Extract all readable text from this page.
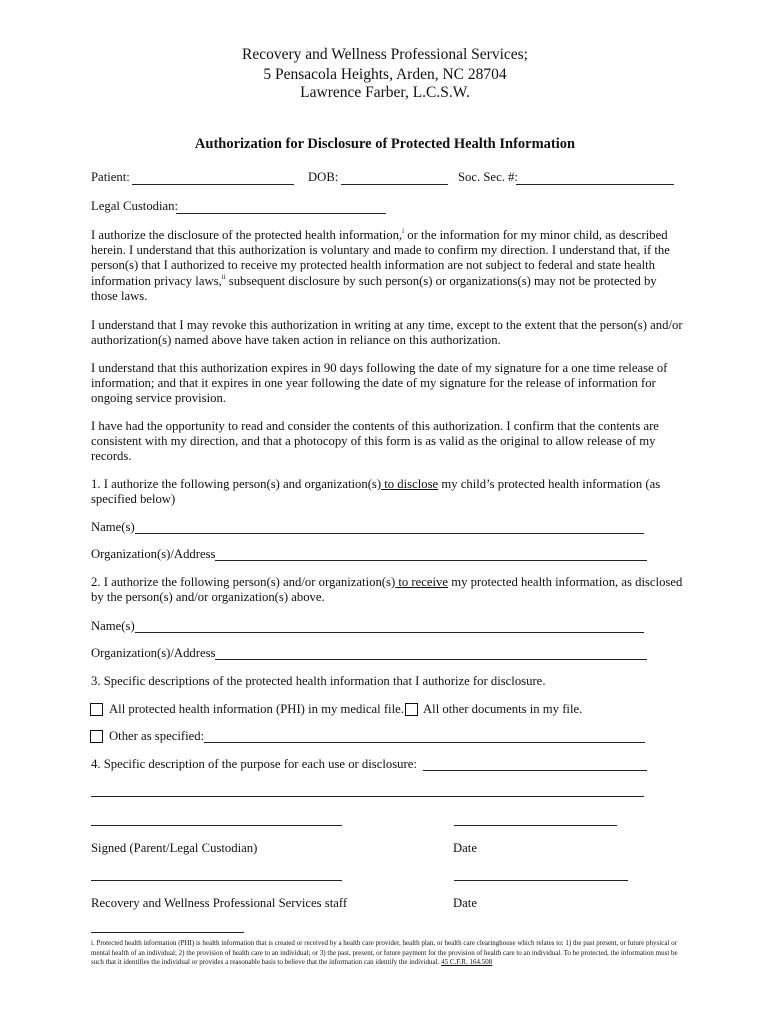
Recovery and Wellness Professional Services;
5 Pensacola Heights, Arden, NC 28704
Lawrence Farber, L.C.S.W.
Authorization for Disclosure of Protected Health Information
Patient:	DOB:	Soc. Sec. #:
Legal Custodian:
I authorize the disclosure of the protected health information,$^i$ or the information for my minor child, as described herein. I understand that this authorization is voluntary and made to confirm my direction. I understand that, if the person(s) that I authorized to receive my protected health information are not subject to federal and state health information privacy laws,$^{ii}$ subsequent disclosure by such person(s) or organizations(s) may not be protected by those laws.
I understand that I may revoke this authorization in writing at any time, except to the extent that the person(s) and/or authorization(s) named above have taken action in reliance on this authorization.
I understand that this authorization expires in 90 days following the date of my signature for a one time release of information; and that it expires in one year following the date of my signature for the release of information for ongoing service provision.
I have had the opportunity to read and consider the contents of this authorization. I confirm that the contents are consistent with my direction, and that a photocopy of this form is as valid as the original to allow release of my records.
1. I authorize the following person(s) and organization(s) to disclose my child’s protected health information (as specified below)
Name(s)
Organization(s)/Address
2. I authorize the following person(s) and/or organization(s) to receive my protected health information, as disclosed by the person(s) and/or organization(s) above.
Name(s)
Organization(s)/Address
3. Specific descriptions of the protected health information that I authorize for disclosure.
All protected health information (PHI) in my medical file. All other documents in my file.
Other as specified:
4. Specific description of the purpose for each use or disclosure:
Signed (Parent/Legal Custodian)	Date
Recovery and Wellness Professional Services staff	Date
i. Protected health information (PHI) is health information that is created or received by a health care provider, health plan, or health care clearinghouse which relates to: 1) the past present, or future physical or mental health of an individual; 2) the provision of health care to an individual; or 3) the past, present, or future payment for the provision of health care to an individual. To be protected, the information must be such that it identifies the individual or provides a reasonable basis to believe that the information can identify the individual. 45 C.F.R. 164.508
